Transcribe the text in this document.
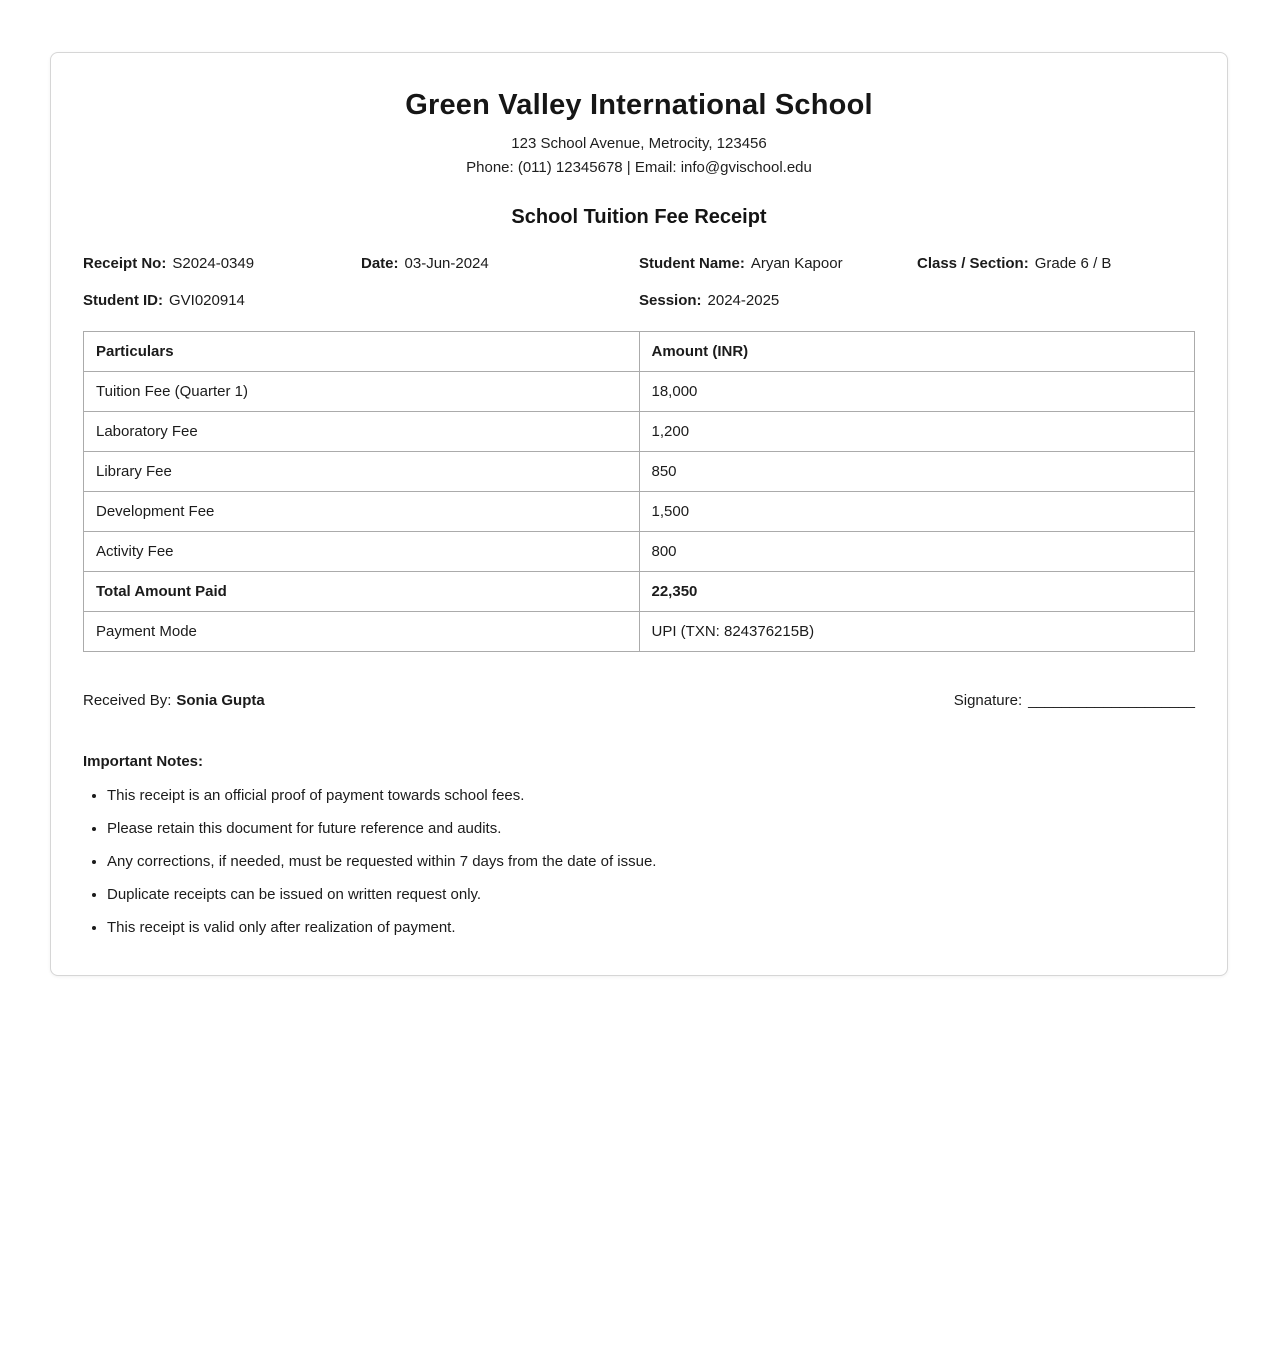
Green Valley International School
123 School Avenue, Metrocity, 123456
Phone: (011) 12345678 | Email: info@gvischool.edu
School Tuition Fee Receipt
Receipt No: S2024-0349	Date: 03-Jun-2024	Student Name: Aryan Kapoor	Class / Section: Grade 6 / B
Student ID: GVI020914	Session: 2024-2025
Particulars	Amount (INR)
Tuition Fee (Quarter 1)	18,000
Laboratory Fee	1,200
Library Fee	850
Development Fee	1,500
Activity Fee	800
Total Amount Paid	22,350
Payment Mode	UPI (TXN: 824376215B)
Received By: Sonia Gupta	Signature: ____________________
Important Notes:
• This receipt is an official proof of payment towards school fees.
• Please retain this document for future reference and audits.
• Any corrections, if needed, must be requested within 7 days from the date of issue.
• Duplicate receipts can be issued on written request only.
• This receipt is valid only after realization of payment.
